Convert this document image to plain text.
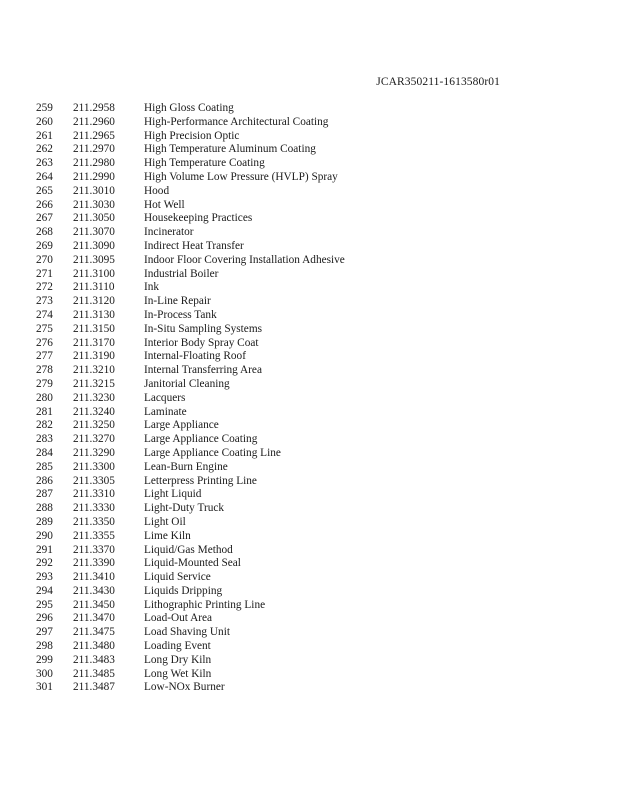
JCAR350211-1613580r01
259 211.2958	High Gloss Coating
260 211.2960	High-Performance Architectural Coating
261 211.2965	High Precision Optic
262 211.2970	High Temperature Aluminum Coating
263 211.2980	High Temperature Coating
264 211.2990	High Volume Low Pressure (HVLP) Spray
265 211.3010	Hood
266 211.3030	Hot Well
267 211.3050	Housekeeping Practices
268 211.3070	Incinerator
269 211.3090	Indirect Heat Transfer
270 211.3095	Indoor Floor Covering Installation Adhesive
271 211.3100	Industrial Boiler
272 211.3110	Ink
273 211.3120	In-Line Repair
274 211.3130	In-Process Tank
275 211.3150	In-Situ Sampling Systems
276 211.3170	Interior Body Spray Coat
277 211.3190	Internal-Floating Roof
278 211.3210	Internal Transferring Area
279 211.3215	Janitorial Cleaning
280 211.3230	Lacquers
281 211.3240	Laminate
282 211.3250	Large Appliance
283 211.3270	Large Appliance Coating
284 211.3290	Large Appliance Coating Line
285 211.3300	Lean-Burn Engine
286 211.3305	Letterpress Printing Line
287 211.3310	Light Liquid
288 211.3330	Light-Duty Truck
289 211.3350	Light Oil
290 211.3355	Lime Kiln
291 211.3370	Liquid/Gas Method
292 211.3390	Liquid-Mounted Seal
293 211.3410	Liquid Service
294 211.3430	Liquids Dripping
295 211.3450	Lithographic Printing Line
296 211.3470	Load-Out Area
297 211.3475	Load Shaving Unit
298 211.3480	Loading Event
299 211.3483	Long Dry Kiln
300 211.3485	Long Wet Kiln
301 211.3487	Low-NOx Burner
